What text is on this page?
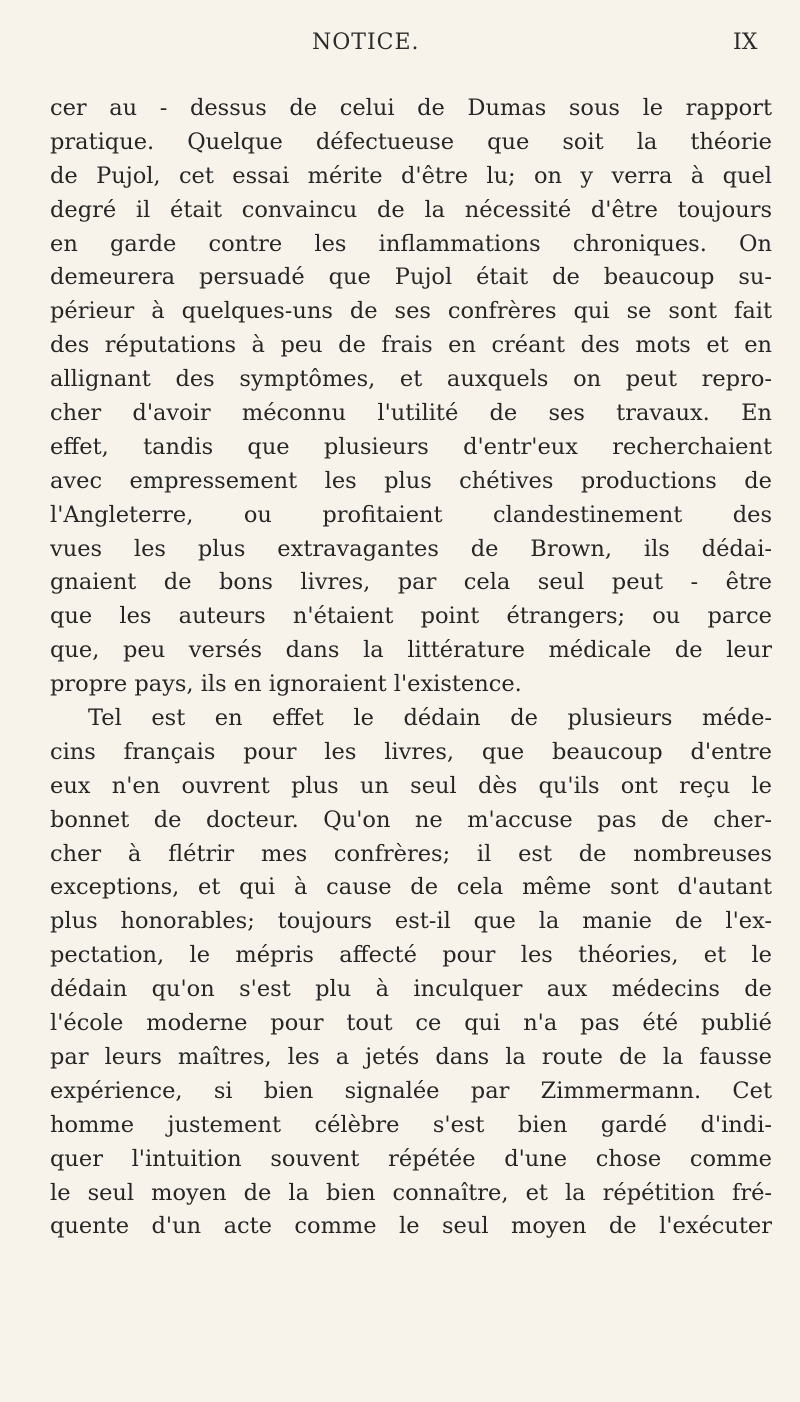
NOTICE.	IX
cer au - dessus de celui de Dumas sous le rapport
pratique. Quelque défectueuse que soit la théorie
de Pujol, cet essai mérite d'être lu; on y verra à quel
degré il était convaincu de la nécessité d'être toujours
en garde contre les inflammations chroniques. On
demeurera persuadé que Pujol était de beaucoup su-
périeur à quelques-uns de ses confrères qui se sont fait
des réputations à peu de frais en créant des mots et en
allignant des symptômes, et auxquels on peut repro-
cher d'avoir méconnu l'utilité de ses travaux. En
effet, tandis que plusieurs d'entr'eux recherchaient
avec empressement les plus chétives productions de
l'Angleterre, ou profitaient clandestinement des
vues les plus extravagantes de Brown, ils dédai-
gnaient de bons livres, par cela seul peut - être
que les auteurs n'étaient point étrangers; ou parce
que, peu versés dans la littérature médicale de leur
propre pays, ils en ignoraient l'existence.
Tel est en effet le dédain de plusieurs méde-
cins français pour les livres, que beaucoup d'entre
eux n'en ouvrent plus un seul dès qu'ils ont reçu le
bonnet de docteur. Qu'on ne m'accuse pas de cher-
cher à flétrir mes confrères; il est de nombreuses
exceptions, et qui à cause de cela même sont d'autant
plus honorables; toujours est-il que la manie de l'ex-
pectation, le mépris affecté pour les théories, et le
dédain qu'on s'est plu à inculquer aux médecins de
l'école moderne pour tout ce qui n'a pas été publié
par leurs maîtres, les a jetés dans la route de la fausse
expérience, si bien signalée par Zimmermann. Cet
homme justement célèbre s'est bien gardé d'indi-
quer l'intuition souvent répétée d'une chose comme
le seul moyen de la bien connaître, et la répétition fré-
quente d'un acte comme le seul moyen de l'exécuter
